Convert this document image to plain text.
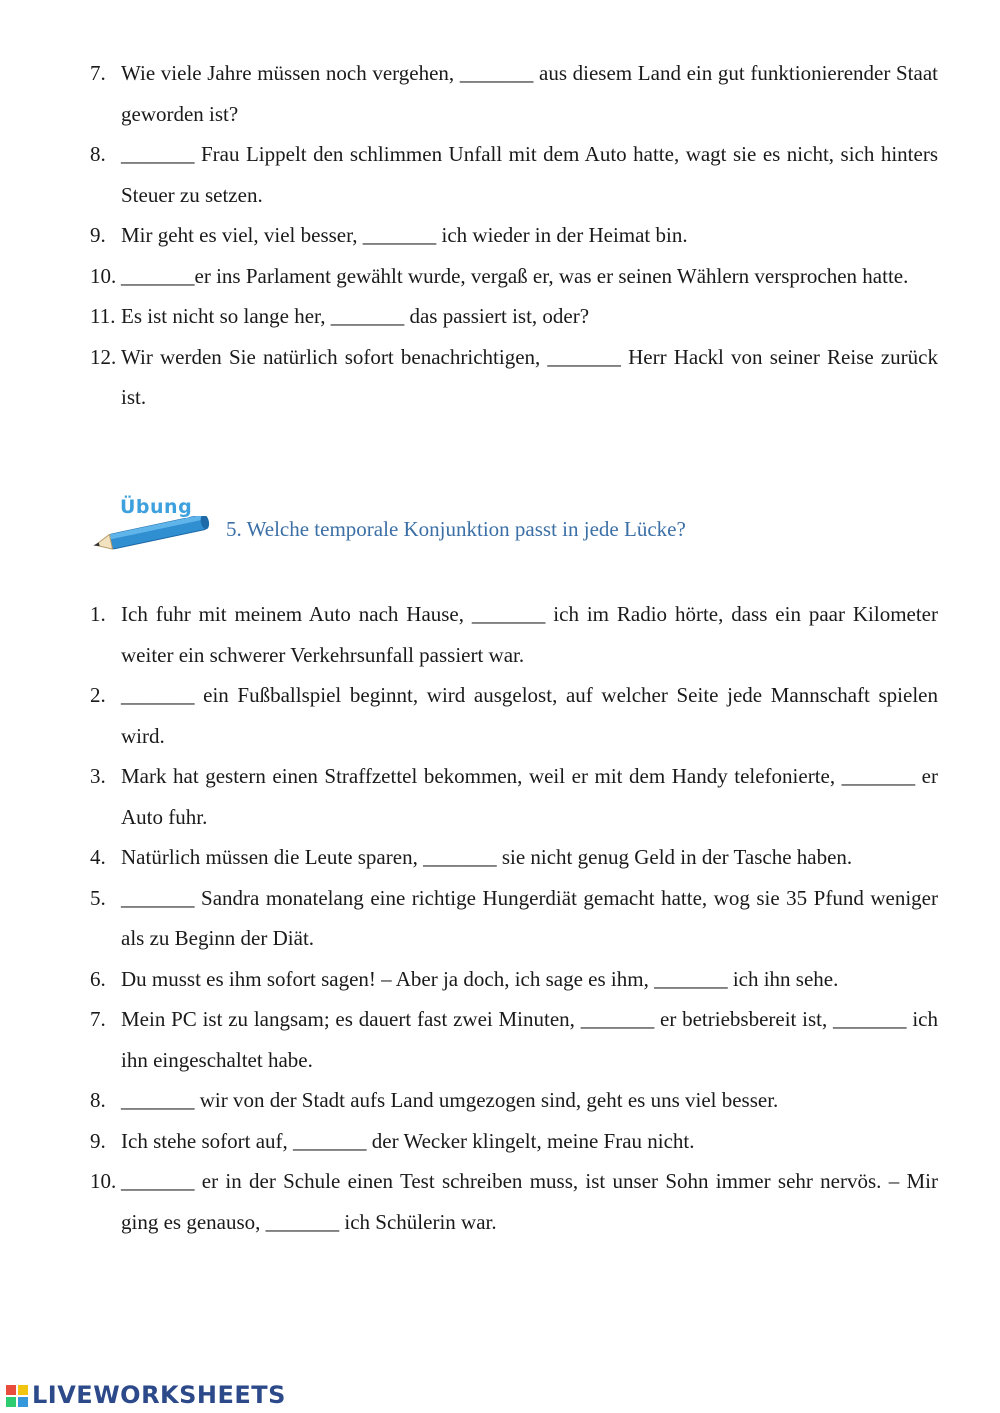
7. Wie viele Jahre müssen noch vergehen, _______ aus diesem Land ein gut funktionierender Staat geworden ist?
8. _______ Frau Lippelt den schlimmen Unfall mit dem Auto hatte, wagt sie es nicht, sich hinters Steuer zu setzen.
9. Mir geht es viel, viel besser, _______ ich wieder in der Heimat bin.
10. _______er ins Parlament gewählt wurde, vergaß er, was er seinen Wählern versprochen hatte.
11. Es ist nicht so lange her, _______ das passiert ist, oder?
12. Wir werden Sie natürlich sofort benachrichtigen, _______ Herr Hackl von seiner Reise zurück ist.
Übung
5. Welche temporale Konjunktion passt in jede Lücke?
1. Ich fuhr mit meinem Auto nach Hause, _______ ich im Radio hörte, dass ein paar Kilometer weiter ein schwerer Verkehrsunfall passiert war.
2. _______ ein Fußballspiel beginnt, wird ausgelost, auf welcher Seite jede Mannschaft spielen wird.
3. Mark hat gestern einen Straffzettel bekommen, weil er mit dem Handy telefonierte, _______ er Auto fuhr.
4. Natürlich müssen die Leute sparen, _______ sie nicht genug Geld in der Tasche haben.
5. _______ Sandra monatelang eine richtige Hungerdiät gemacht hatte, wog sie 35 Pfund weniger als zu Beginn der Diät.
6. Du musst es ihm sofort sagen! – Aber ja doch, ich sage es ihm, _______ ich ihn sehe.
7. Mein PC ist zu langsam; es dauert fast zwei Minuten, _______ er betriebsbereit ist, _______ ich ihn eingeschaltet habe.
8. _______ wir von der Stadt aufs Land umgezogen sind, geht es uns viel besser.
9. Ich stehe sofort auf, _______ der Wecker klingelt, meine Frau nicht.
10. _______ er in der Schule einen Test schreiben muss, ist unser Sohn immer sehr nervös. – Mir ging es genauso, _______ ich Schülerin war.
LIVEWORKSHEETS
